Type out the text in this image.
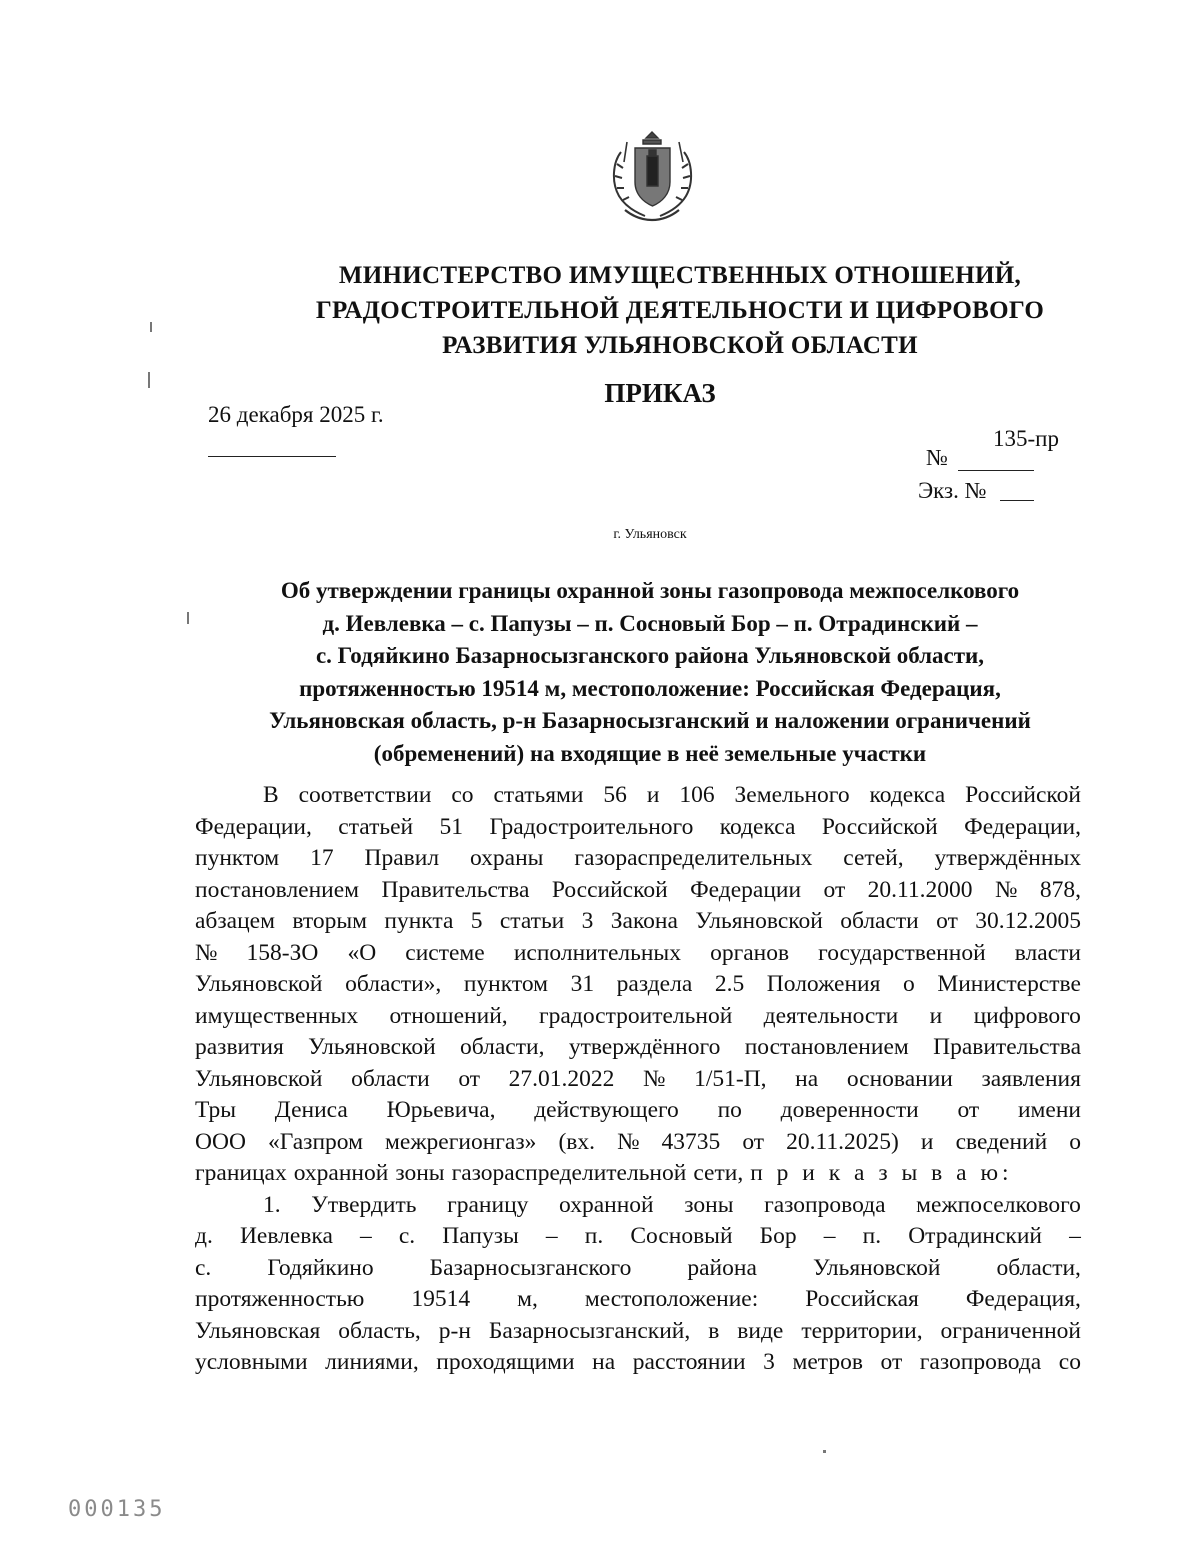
МИНИСТЕРСТВО ИМУЩЕСТВЕННЫХ ОТНОШЕНИЙ,
ГРАДОСТРОИТЕЛЬНОЙ ДЕЯТЕЛЬНОСТИ И ЦИФРОВОГО
РАЗВИТИЯ УЛЬЯНОВСКОЙ ОБЛАСТИ
ПРИКАЗ
26 декабря 2025 г.
135-пр
№
Экз. №
г. Ульяновск
Об утверждении границы охранной зоны газопровода межпоселкового
д. Иевлевка – с. Папузы – п. Сосновый Бор – п. Отрадинский –
с. Годяйкино Базарносызганского района Ульяновской области,
протяженностью 19514 м, местоположение: Российская Федерация,
Ульяновская область, р-н Базарносызганский и наложении ограничений
(обременений) на входящие в неё земельные участки
В соответствии со статьями 56 и 106 Земельного кодекса Российской
Федерации, статьей 51 Градостроительного кодекса Российской Федерации,
пунктом 17 Правил охраны газораспределительных сетей, утверждённых
постановлением Правительства Российской Федерации от 20.11.2000 № 878,
абзацем вторым пункта 5 статьи 3 Закона Ульяновской области от 30.12.2005
№ 158-ЗО «О системе исполнительных органов государственной власти
Ульяновской области», пунктом 31 раздела 2.5 Положения о Министерстве
имущественных отношений, градостроительной деятельности и цифрового
развития Ульяновской области, утверждённого постановлением Правительства
Ульяновской области от 27.01.2022 № 1/51-П, на основании заявления
Тры Дениса Юрьевича, действующего по доверенности от имени
ООО «Газпром межрегионгаз» (вх. № 43735 от 20.11.2025) и сведений о
границах охранной зоны газораспределительной сети, п р и к а з ы в а ю:
1. Утвердить границу охранной зоны газопровода межпоселкового
д. Иевлевка – с. Папузы – п. Сосновый Бор – п. Отрадинский –
с. Годяйкино Базарносызганского района Ульяновской области,
протяженностью 19514 м, местоположение: Российская Федерация,
Ульяновская область, р-н Базарносызганский, в виде территории, ограниченной
условными линиями, проходящими на расстоянии 3 метров от газопровода со
000135
